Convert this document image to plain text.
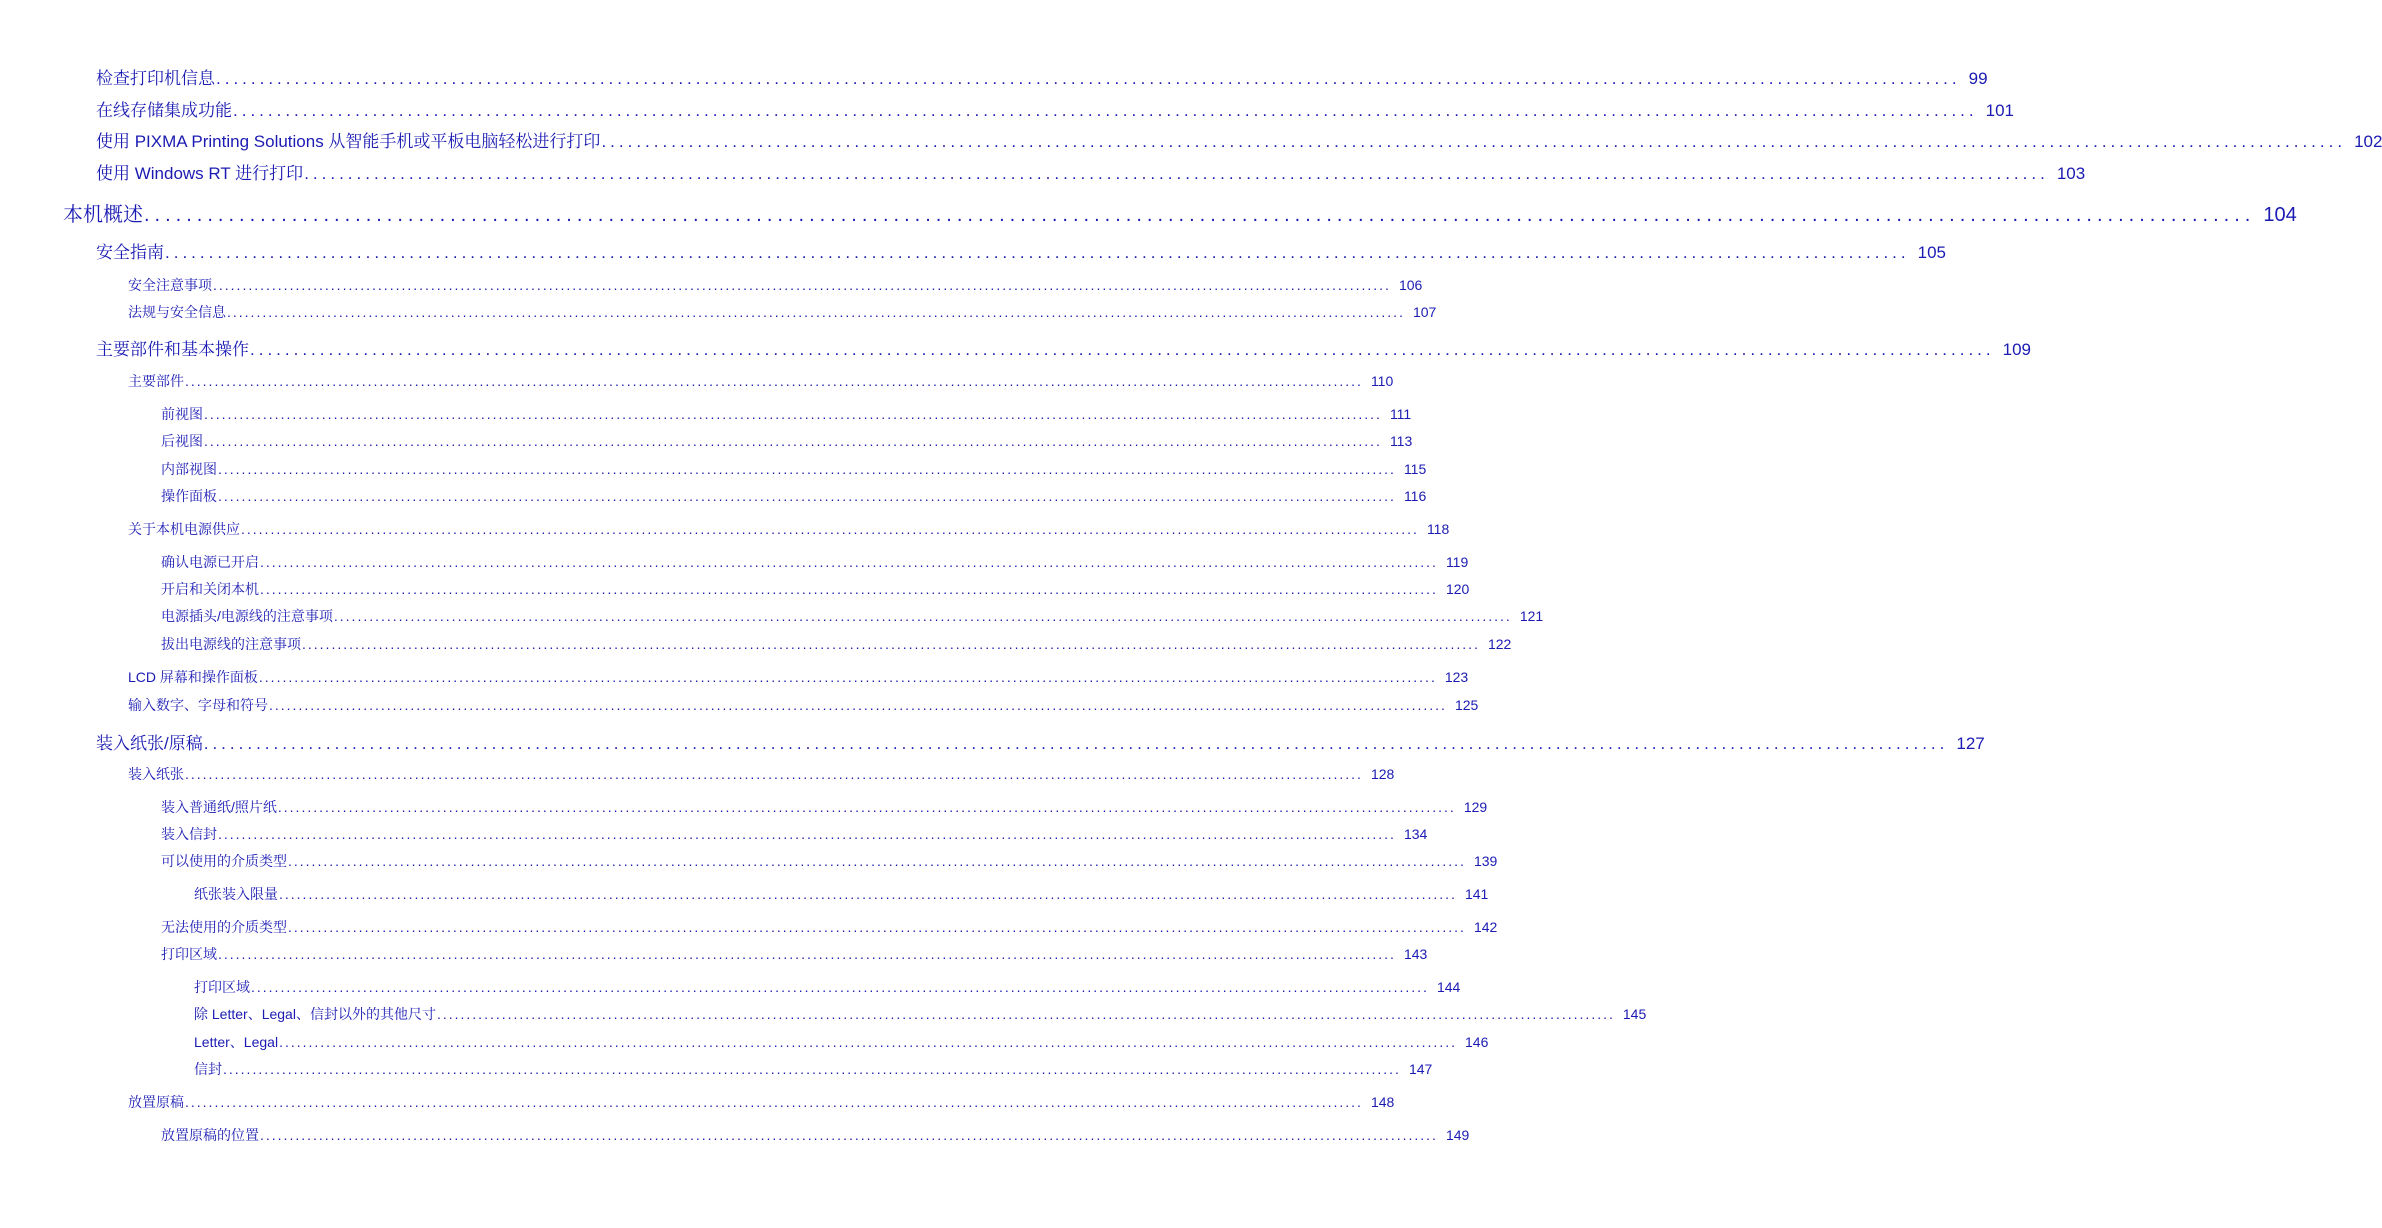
检查打印机信息 ........................................................................................................................................................................................................ 99
在线存储集成功能 ........................................................................................................................................................................................................ 101
使用 PIXMA Printing Solutions 从智能手机或平板电脑轻松进行打印 ........................................................................................................................................................................................................ 102
使用 Windows RT 进行打印 ........................................................................................................................................................................................................ 103
本机概述 ........................................................................................................................................................................................................ 104
安全指南 ........................................................................................................................................................................................................ 105
安全注意事项 ........................................................................................................................................................................................................ 106
法规与安全信息 ........................................................................................................................................................................................................ 107
主要部件和基本操作 ........................................................................................................................................................................................................ 109
主要部件 ........................................................................................................................................................................................................ 110
前视图 ........................................................................................................................................................................................................ 111
后视图 ........................................................................................................................................................................................................ 113
内部视图 ........................................................................................................................................................................................................ 115
操作面板 ........................................................................................................................................................................................................ 116
关于本机电源供应 ........................................................................................................................................................................................................ 118
确认电源已开启 ........................................................................................................................................................................................................ 119
开启和关闭本机 ........................................................................................................................................................................................................ 120
电源插头/电源线的注意事项 ........................................................................................................................................................................................................ 121
拔出电源线的注意事项 ........................................................................................................................................................................................................ 122
LCD 屏幕和操作面板 ........................................................................................................................................................................................................ 123
输入数字、字母和符号 ........................................................................................................................................................................................................ 125
装入纸张/原稿 ........................................................................................................................................................................................................ 127
装入纸张 ........................................................................................................................................................................................................ 128
装入普通纸/照片纸 ........................................................................................................................................................................................................ 129
装入信封 ........................................................................................................................................................................................................ 134
可以使用的介质类型 ........................................................................................................................................................................................................ 139
纸张装入限量 ........................................................................................................................................................................................................ 141
无法使用的介质类型 ........................................................................................................................................................................................................ 142
打印区域 ........................................................................................................................................................................................................ 143
打印区域 ........................................................................................................................................................................................................ 144
除 Letter、Legal、信封以外的其他尺寸 ........................................................................................................................................................................................................ 145
Letter、Legal ........................................................................................................................................................................................................ 146
信封 ........................................................................................................................................................................................................ 147
放置原稿 ........................................................................................................................................................................................................ 148
放置原稿的位置 ........................................................................................................................................................................................................ 149
